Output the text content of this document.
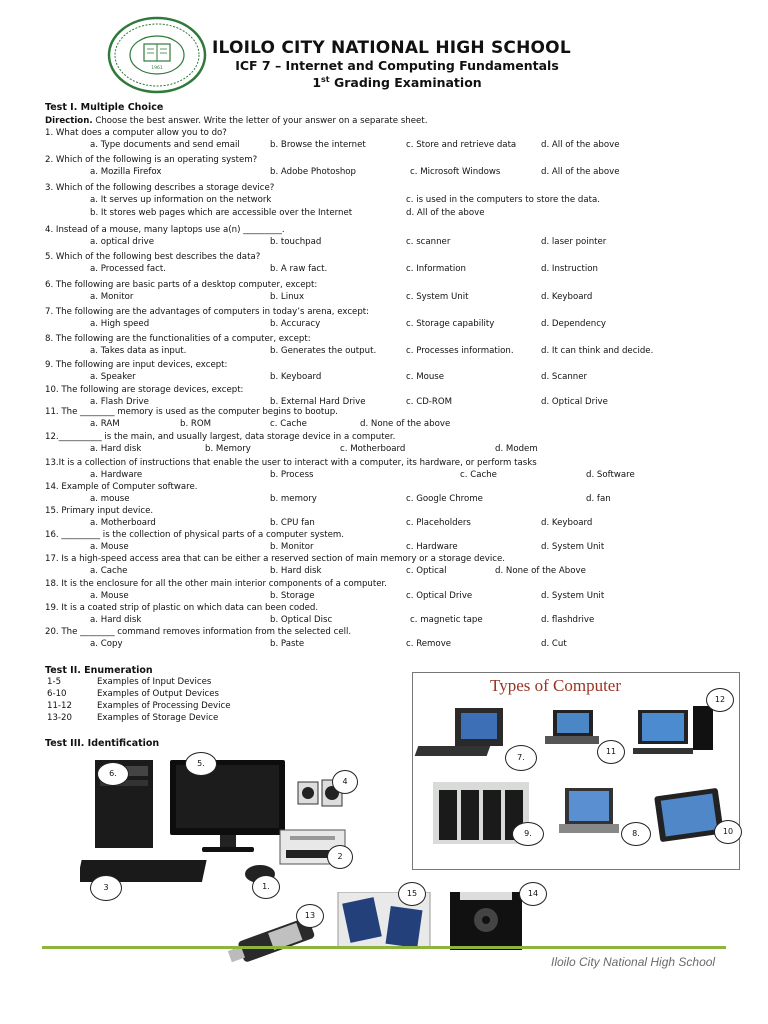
1961
ILOILO CITY NATIONAL HIGH SCHOOL
ICF 7 – Internet and Computing Fundamentals
1st Grading Examination
Test I. Multiple Choice
Direction. Choose the best answer. Write the letter of your answer on a separate sheet.
1. What does a computer allow you to do?
a. Type documents and send email	b. Browse the internet	c. Store and retrieve data	d. All of the above
2. Which of the following is an operating system?
a. Mozilla Firefox	b. Adobe Photoshop	c. Microsoft Windows	d. All of the above
3. Which of the following describes a storage device?
a. It serves up information on the network	c. is used in the computers to store the data.
b. It stores web pages which are accessible over the Internet	d. All of the above
4. Instead of a mouse, many laptops use a(n) _________.
a. optical drive	b. touchpad	c. scanner	d. laser pointer
5. Which of the following best describes the data?
a. Processed fact.	b. A raw fact.	c. Information	d. Instruction
6. The following are basic parts of a desktop computer, except:
a. Monitor	b. Linux	c. System Unit	d. Keyboard
7. The following are the advantages of computers in today’s arena, except:
a. High speed	b. Accuracy	c. Storage capability	d. Dependency
8. The following are the functionalities of a computer, except:
a. Takes data as input.	b. Generates the output.	c. Processes information.	d. It can think and decide.
9. The following are input devices, except:
a. Speaker	b. Keyboard	c. Mouse	d. Scanner
10. The following are storage devices, except:
a. Flash Drive	b. External Hard Drive	c. CD-ROM	d. Optical Drive
11. The ________ memory is used as the computer begins to bootup.
a. RAM	b. ROM	c. Cache	d. None of the above
12.__________ is the main, and usually largest, data storage device in a computer.
a. Hard disk	b. Memory	c. Motherboard	d. Modem
13.It is a collection of instructions that enable the user to interact with a computer, its hardware, or perform tasks
a. Hardware	b. Process	c. Cache	d. Software
14. Example of Computer software.
a. mouse	b. memory	c. Google Chrome	d. fan
15. Primary input device.
a. Motherboard	b. CPU fan	c. Placeholders	d. Keyboard
16. _________ is the collection of physical parts of a computer system.
a. Mouse	b. Monitor	c. Hardware	d. System Unit
17. Is a high-speed access area that can be either a reserved section of main memory or a storage device.
a. Cache	b. Hard disk	c. Optical	d. None of the Above
18. It is the enclosure for all the other main interior components of a computer.
a. Mouse	b. Storage	c. Optical Drive	d. System Unit
19. It is a coated strip of plastic on which data can been coded.
a. Hard disk	b. Optical Disc	c. magnetic tape	d. flashdrive
20. The ________ command removes information from the selected cell.
a. Copy	b. Paste	c. Remove	d. Cut
Test II. Enumeration
1-5	Examples of Input Devices
6-10	Examples of Output Devices
11-12	Examples of Processing Device
13-20	Examples of Storage Device
Test III. Identification
Types of Computer
1.
2
3
4
5.
6.
7.
8.
9.	10
11
12
13
14
15
Iloilo City National High School
